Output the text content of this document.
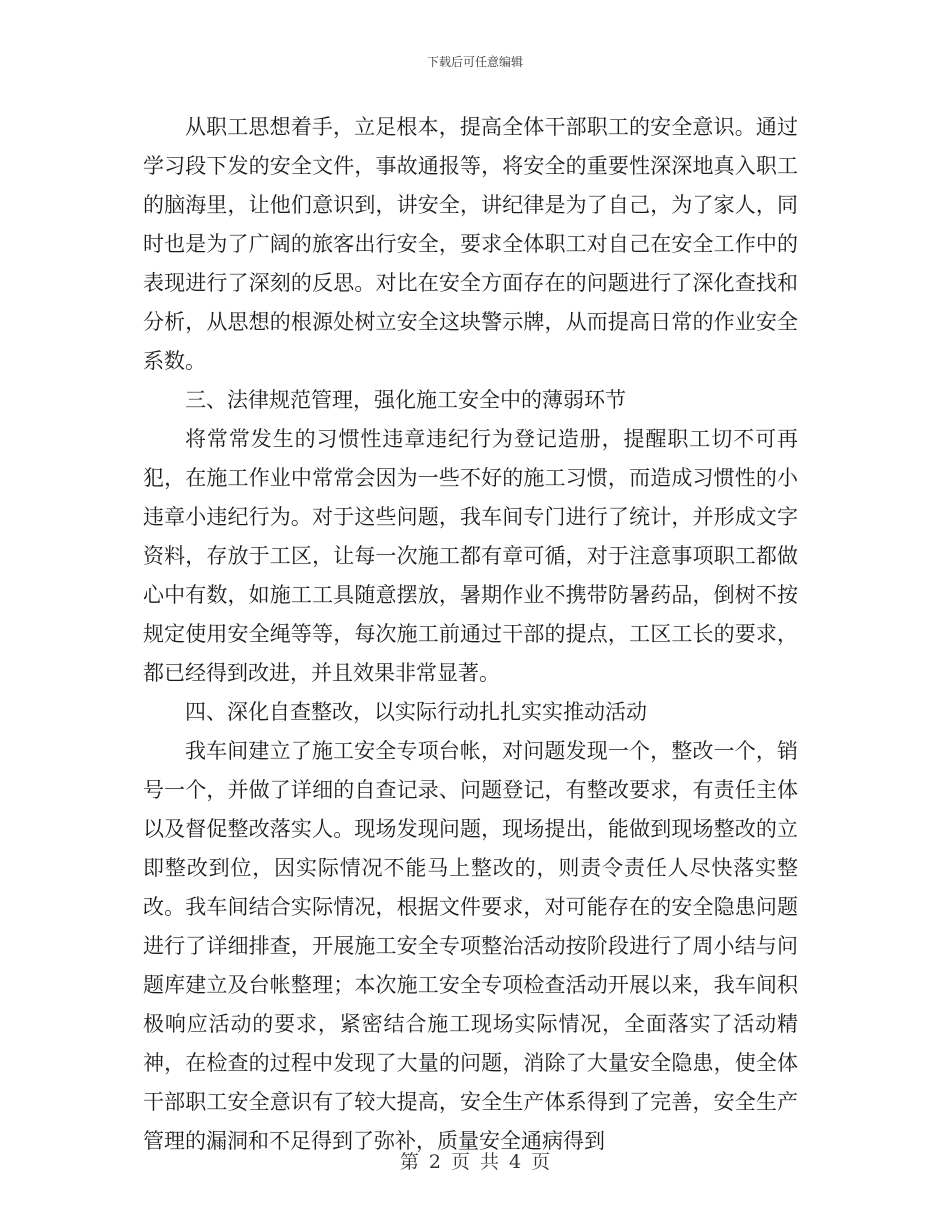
下载后可任意编辑

从职工思想着手，立足根本，提高全体干部职工的安全意识。通过学习段下发的安全文件，事故通报等，将安全的重要性深深地真入职工的脑海里，让他们意识到，讲安全，讲纪律是为了自己，为了家人，同时也是为了广阔的旅客出行安全，要求全体职工对自己在安全工作中的表现进行了深刻的反思。对比在安全方面存在的问题进行了深化查找和分析，从思想的根源处树立安全这块警示牌，从而提高日常的作业安全系数。

三、法律规范管理，强化施工安全中的薄弱环节

将常常发生的习惯性违章违纪行为登记造册，提醒职工切不可再犯，在施工作业中常常会因为一些不好的施工习惯，而造成习惯性的小违章小违纪行为。对于这些问题，我车间专门进行了统计，并形成文字资料，存放于工区，让每一次施工都有章可循，对于注意事项职工都做心中有数，如施工工具随意摆放，暑期作业不携带防暑药品，倒树不按规定使用安全绳等等，每次施工前通过干部的提点，工区工长的要求，都已经得到改进，并且效果非常显著。

四、深化自查整改，以实际行动扎扎实实推动活动

我车间建立了施工安全专项台帐，对问题发现一个，整改一个，销号一个，并做了详细的自查记录、问题登记，有整改要求，有责任主体以及督促整改落实人。现场发现问题，现场提出，能做到现场整改的立即整改到位，因实际情况不能马上整改的，则责令责任人尽快落实整改。我车间结合实际情况，根据文件要求，对可能存在的安全隐患问题进行了详细排查，开展施工安全专项整治活动按阶段进行了周小结与问题库建立及台帐整理；本次施工安全专项检查活动开展以来，我车间积极响应活动的要求，紧密结合施工现场实际情况，全面落实了活动精神，在检查的过程中发现了大量的问题，消除了大量安全隐患，使全体干部职工安全意识有了较大提高，安全生产体系得到了完善，安全生产管理的漏洞和不足得到了弥补，质量安全通病得到

第 2 页 共 4 页
